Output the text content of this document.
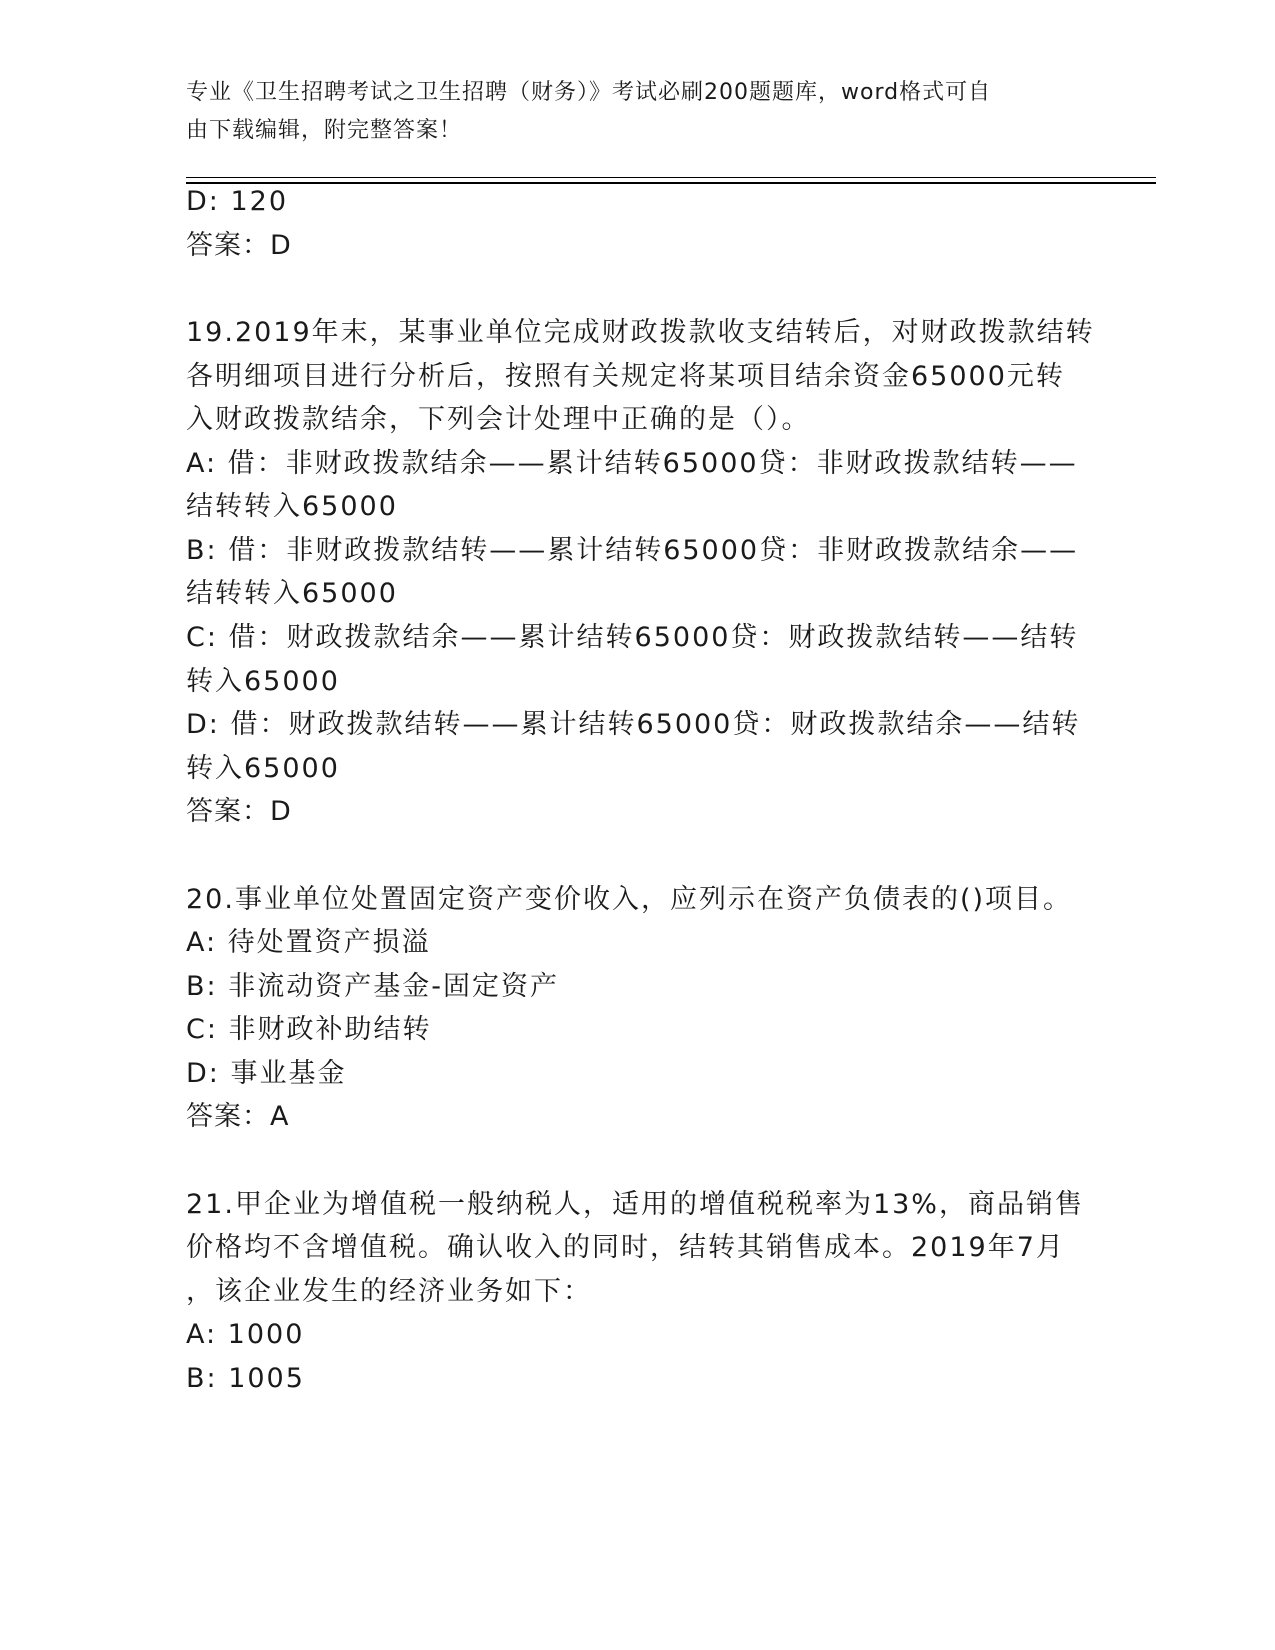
专业《卫生招聘考试之卫生招聘（财务）》考试必刷200题题库，word格式可自
由下载编辑，附完整答案！
D: 120
答案：D
19.2019年末，某事业单位完成财政拨款收支结转后，对财政拨款结转
各明细项目进行分析后，按照有关规定将某项目结余资金65000元转
入财政拨款结余，下列会计处理中正确的是（）。
A: 借：非财政拨款结余——累计结转65000贷：非财政拨款结转——
结转转入65000
B: 借：非财政拨款结转——累计结转65000贷：非财政拨款结余——
结转转入65000
C: 借：财政拨款结余——累计结转65000贷：财政拨款结转——结转
转入65000
D: 借：财政拨款结转——累计结转65000贷：财政拨款结余——结转
转入65000
答案：D
20.事业单位处置固定资产变价收入，应列示在资产负债表的()项目。
A: 待处置资产损溢
B: 非流动资产基金-固定资产
C: 非财政补助结转
D: 事业基金
答案：A
21.甲企业为增值税一般纳税人，适用的增值税税率为13%，商品销售
价格均不含增值税。确认收入的同时，结转其销售成本。2019年7月
，该企业发生的经济业务如下：
A: 1000
B: 1005
